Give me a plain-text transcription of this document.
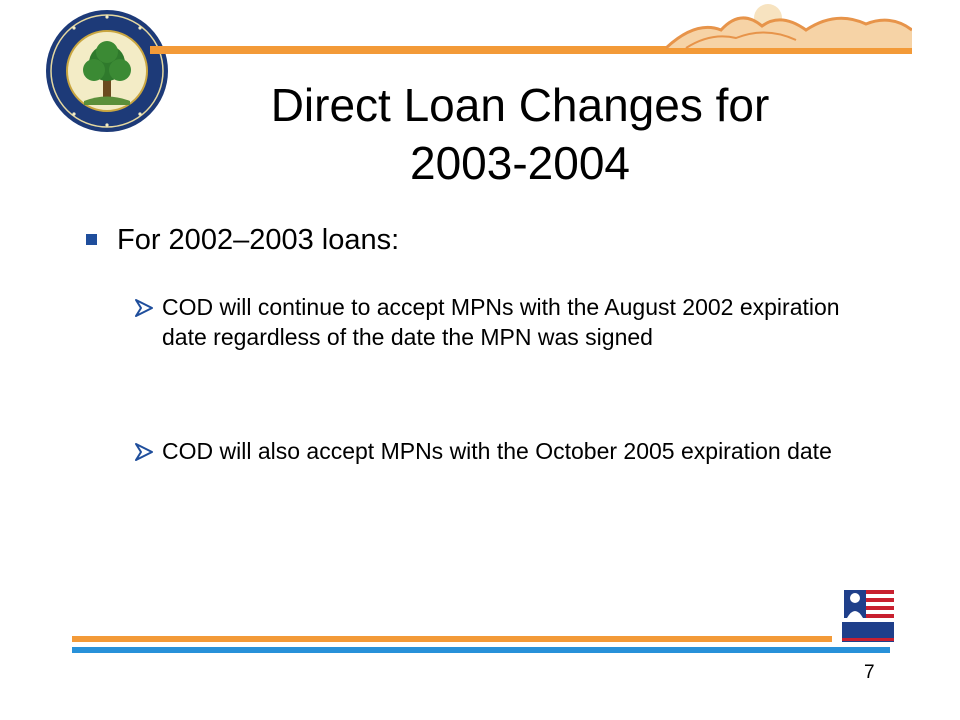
Direct Loan Changes for
2003-2004
For 2002–2003 loans:
COD will continue to accept MPNs with the August 2002 expiration date regardless of the date the MPN was signed
COD will also accept MPNs with the October 2005 expiration date
7
